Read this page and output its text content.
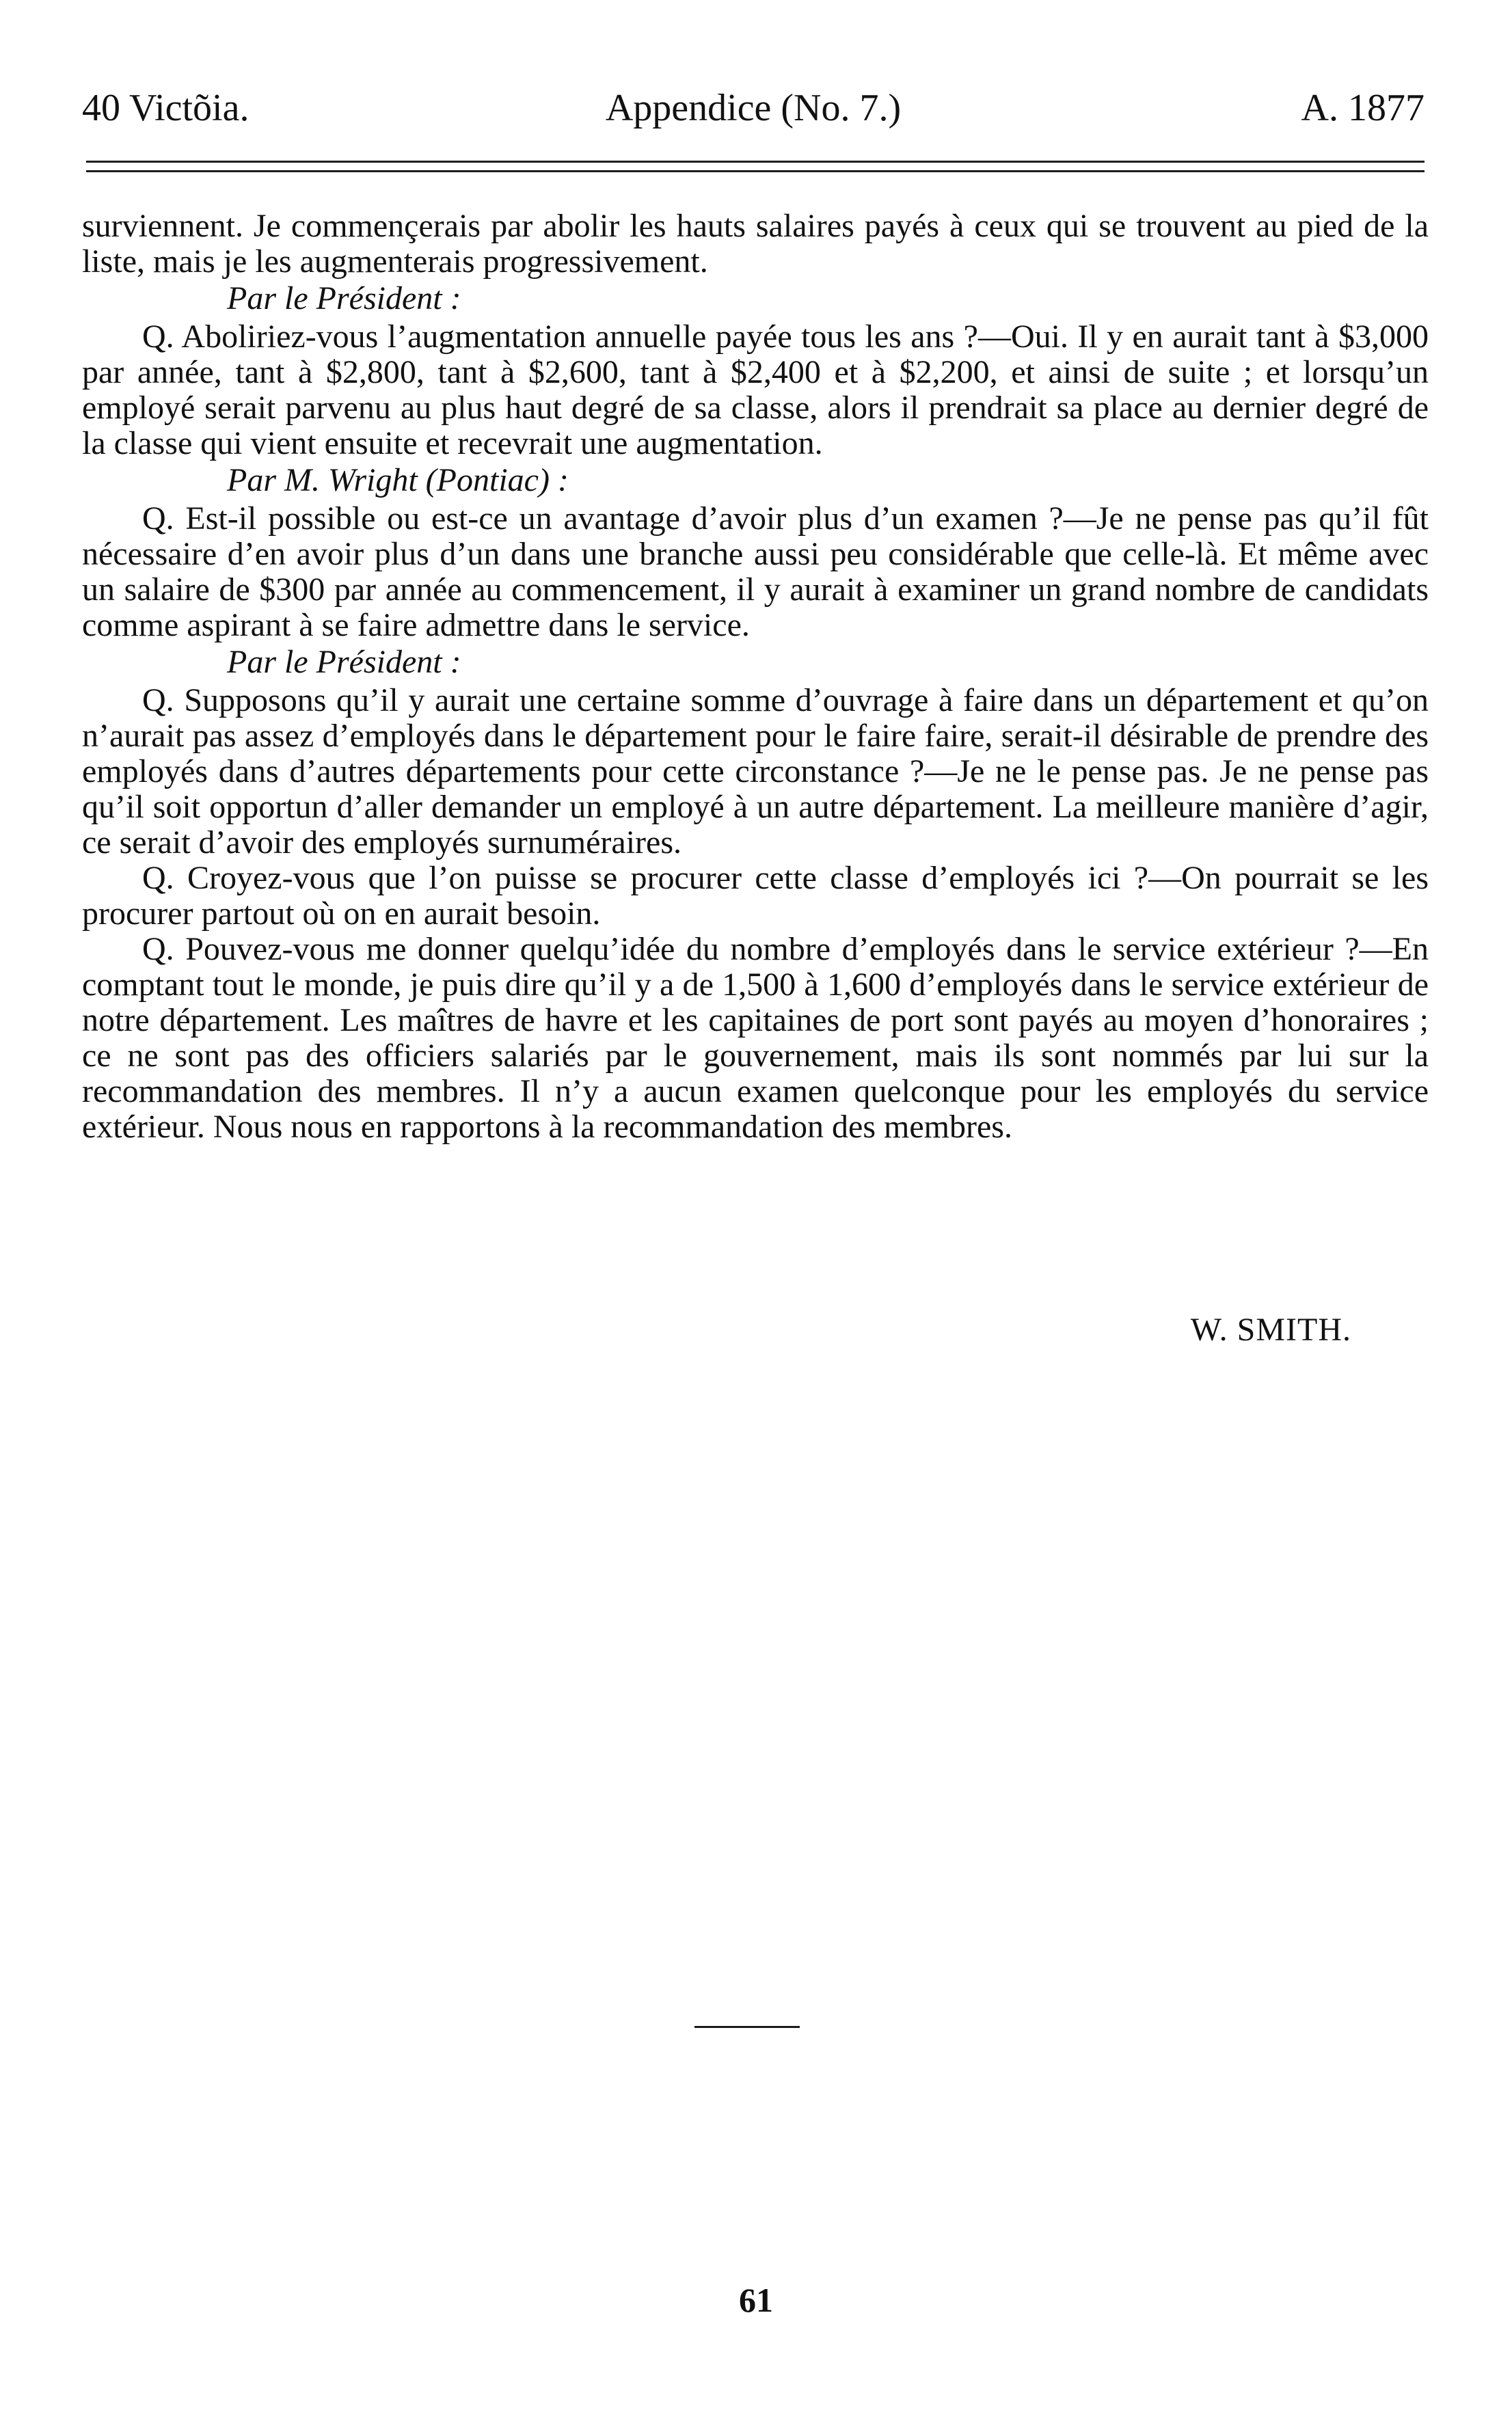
40 Victõia.	Appendice (No. 7.)	A. 1877

surviennent. Je commençerais par abolir les hauts salaires payés à ceux qui se trouvent au pied de la liste, mais je les augmenterais progressivement.

Par le Président :

Q. Aboliriez-vous l’augmentation annuelle payée tous les ans ?—Oui. Il y en aurait tant à $3,000 par année, tant à $2,800, tant à $2,600, tant à $2,400 et à $2,200, et ainsi de suite ; et lorsqu’un employé serait parvenu au plus haut degré de sa classe, alors il prendrait sa place au dernier degré de la classe qui vient ensuite et recevrait une augmentation.

Par M. Wright (Pontiac) :

Q. Est-il possible ou est-ce un avantage d’avoir plus d’un examen ?—Je ne pense pas qu’il fût nécessaire d’en avoir plus d’un dans une branche aussi peu considérable que celle-là. Et même avec un salaire de $300 par année au commencement, il y aurait à examiner un grand nombre de candidats comme aspirant à se faire admettre dans le service.

Par le Président :

Q. Supposons qu’il y aurait une certaine somme d’ouvrage à faire dans un département et qu’on n’aurait pas assez d’employés dans le département pour le faire faire, serait-il désirable de prendre des employés dans d’autres départements pour cette circonstance ?—Je ne le pense pas. Je ne pense pas qu’il soit opportun d’aller demander un employé à un autre département. La meilleure manière d’agir, ce serait d’avoir des employés surnuméraires.

Q. Croyez-vous que l’on puisse se procurer cette classe d’employés ici ?—On pourrait se les procurer partout où on en aurait besoin.

Q. Pouvez-vous me donner quelqu’idée du nombre d’employés dans le service extérieur ?—En comptant tout le monde, je puis dire qu’il y a de 1,500 à 1,600 d’employés dans le service extérieur de notre département. Les maîtres de havre et les capitaines de port sont payés au moyen d’honoraires ; ce ne sont pas des officiers salariés par le gouvernement, mais ils sont nommés par lui sur la recommandation des membres. Il n’y a aucun examen quelconque pour les employés du service extérieur. Nous nous en rapportons à la recommandation des membres.

W. SMITH.
61
